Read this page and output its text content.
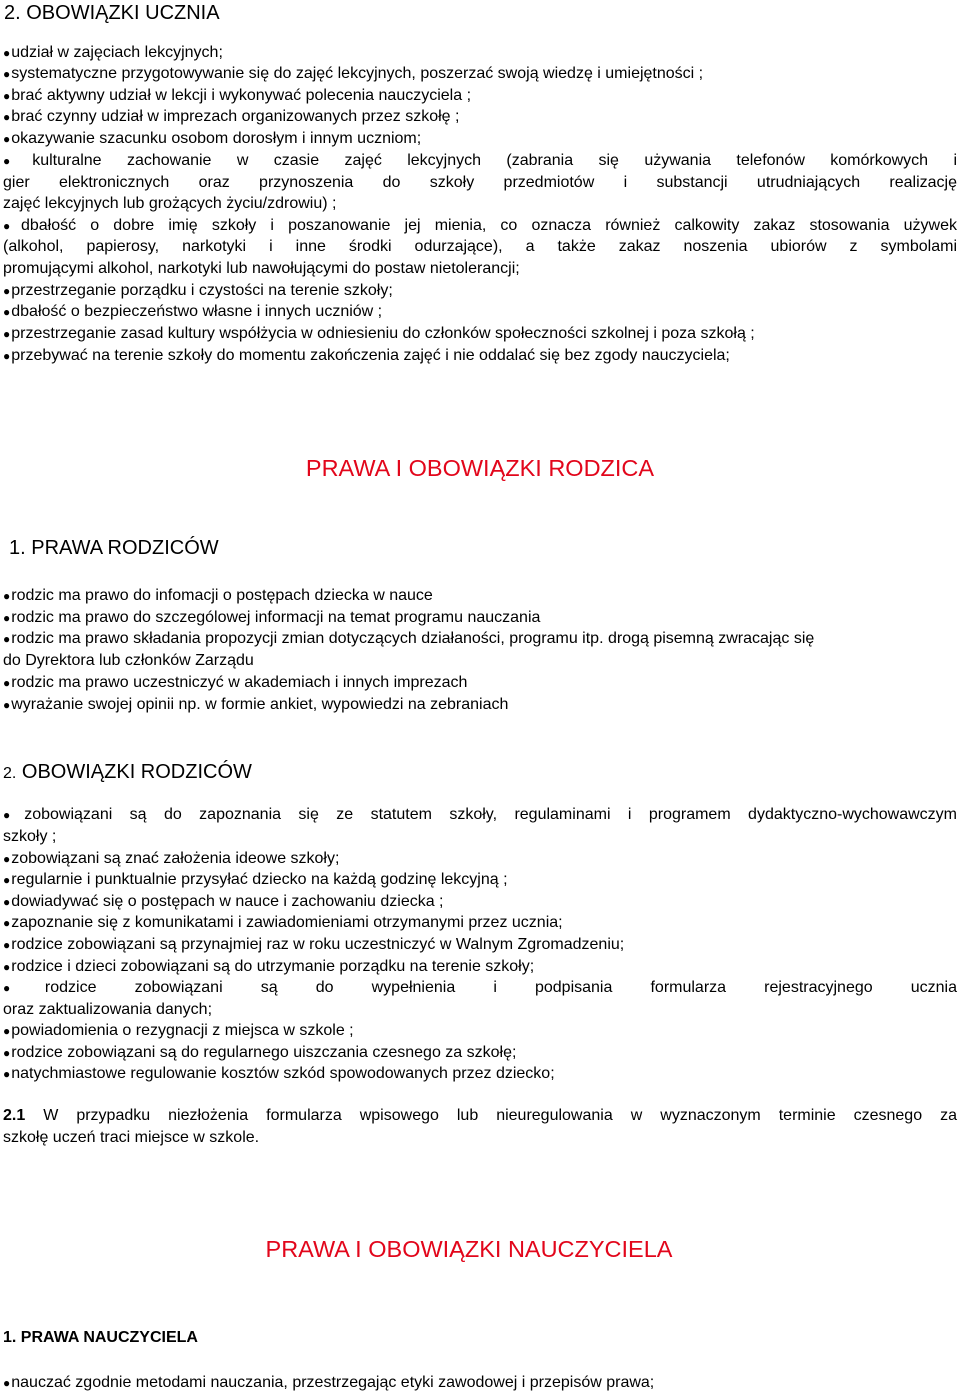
2. OBOWIĄZKI UCZNIA
●udział w zajęciach lekcyjnych;
●systematyczne przygotowywanie się do zajęć lekcyjnych, poszerzać swoją wiedzę i umiejętności ;
●brać aktywny udział w lekcji i wykonywać polecenia nauczyciela ;
●brać czynny udział w imprezach organizowanych przez szkołę ;
●okazywanie szacunku osobom dorosłym i innym uczniom;
●kulturalne zachowanie w czasie zajęć lekcyjnych (zabrania się używania telefonów komórkowych i
gier elektronicznych oraz przynoszenia do szkoły przedmiotów i substancji utrudniających realizację
zajęć lekcyjnych lub grożących życiu/zdrowiu) ;
●dbałość o dobre imię szkoły i poszanowanie jej mienia, co oznacza również calkowity zakaz stosowania używek
(alkohol, papierosy, narkotyki i inne środki odurzające), a także zakaz noszenia ubiorów z symbolami
promującymi alkohol, narkotyki lub nawołującymi do postaw nietolerancji;
●przestrzeganie porządku i czystości na terenie szkoły;
●dbałość o bezpieczeństwo własne i innych uczniów ;
●przestrzeganie zasad kultury współżycia w odniesieniu do członków społeczności szkolnej i poza szkołą ;
●przebywać na terenie szkoły do momentu zakończenia zajęć i nie oddalać się bez zgody nauczyciela;
PRAWA I OBOWIĄZKI RODZICA
1. PRAWA RODZICÓW
●rodzic ma prawo do infomacji o postępach dziecka w nauce
●rodzic ma prawo do szczególowej informacji na temat programu nauczania
●rodzic ma prawo składania propozycji zmian dotyczących działaności, programu itp. drogą pisemną zwracając się
do Dyrektora lub członków Zarządu
●rodzic ma prawo uczestniczyć w akademiach i innych imprezach
●wyrażanie swojej opinii np. w formie ankiet, wypowiedzi na zebraniach
2. OBOWIĄZKI RODZICÓW
●zobowiązani są do zapoznania się ze statutem szkoły, regulaminami i programem dydaktyczno-wychowawczym
szkoły ;
●zobowiązani są znać założenia ideowe szkoły;
●regularnie i punktualnie przysyłać dziecko na każdą godzinę lekcyjną ;
●dowiadywać się o postępach w nauce i zachowaniu dziecka ;
●zapoznanie się z komunikatami i zawiadomieniami otrzymanymi przez ucznia;
●rodzice zobowiązani są przynajmiej raz w roku uczestniczyć w Walnym Zgromadzeniu;
●rodzice i dzieci zobowiązani są do utrzymanie porządku na terenie szkoły;
●rodzice zobowiązani są do wypełnienia i podpisania formularza rejestracyjnego ucznia
oraz zaktualizowania danych;
●powiadomienia o rezygnacji z miejsca w szkole ;
●rodzice zobowiązani są do regularnego uiszczania czesnego za szkołę;
●natychmiastowe regulowanie kosztów szkód spowodowanych przez dziecko;
2.1 W przypadku niezłożenia formularza wpisowego lub nieuregulowania w wyznaczonym terminie czesnego za
szkołę uczeń traci miejsce w szkole.
PRAWA I OBOWIĄZKI NAUCZYCIELA
1. PRAWA NAUCZYCIELA
●nauczać zgodnie metodami nauczania, przestrzegając etyki zawodowej i przepisów prawa;
